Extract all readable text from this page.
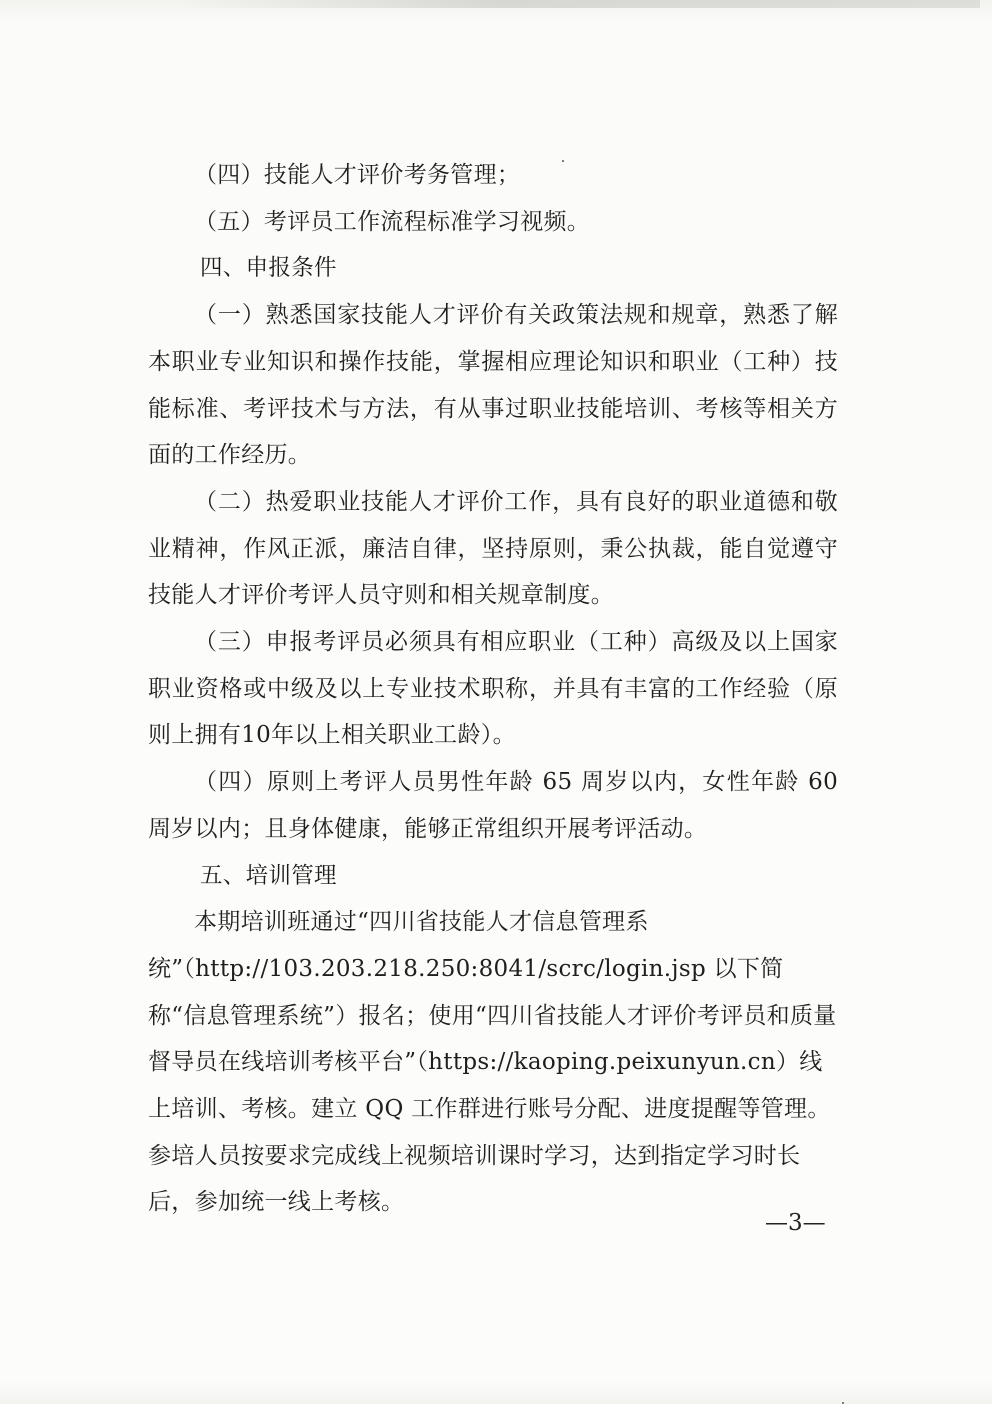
（四）技能人才评价考务管理；

（五）考评员工作流程标准学习视频。

四、申报条件

（一）熟悉国家技能人才评价有关政策法规和规章，熟悉了解本职业专业知识和操作技能，掌握相应理论知识和职业（工种）技能标准、考评技术与方法，有从事过职业技能培训、考核等相关方面的工作经历。

（二）热爱职业技能人才评价工作，具有良好的职业道德和敬业精神，作风正派，廉洁自律，坚持原则，秉公执裁，能自觉遵守技能人才评价考评人员守则和相关规章制度。

（三）申报考评员必须具有相应职业（工种）高级及以上国家职业资格或中级及以上专业技术职称，并具有丰富的工作经验（原则上拥有10年以上相关职业工龄）。

（四）原则上考评人员男性年龄 65 周岁以内，女性年龄 60 周岁以内；且身体健康，能够正常组织开展考评活动。

五、培训管理

本期培训班通过“四川省技能人才信息管理系统”（http://103.203.218.250:8041/scrc/login.jsp 以下简称“信息管理系统”）报名；使用“四川省技能人才评价考评员和质量督导员在线培训考核平台”（https://kaoping.peixunyun.cn）线上培训、考核。建立 QQ 工作群进行账号分配、进度提醒等管理。参培人员按要求完成线上视频培训课时学习，达到指定学习时长后，参加统一线上考核。

—3—
